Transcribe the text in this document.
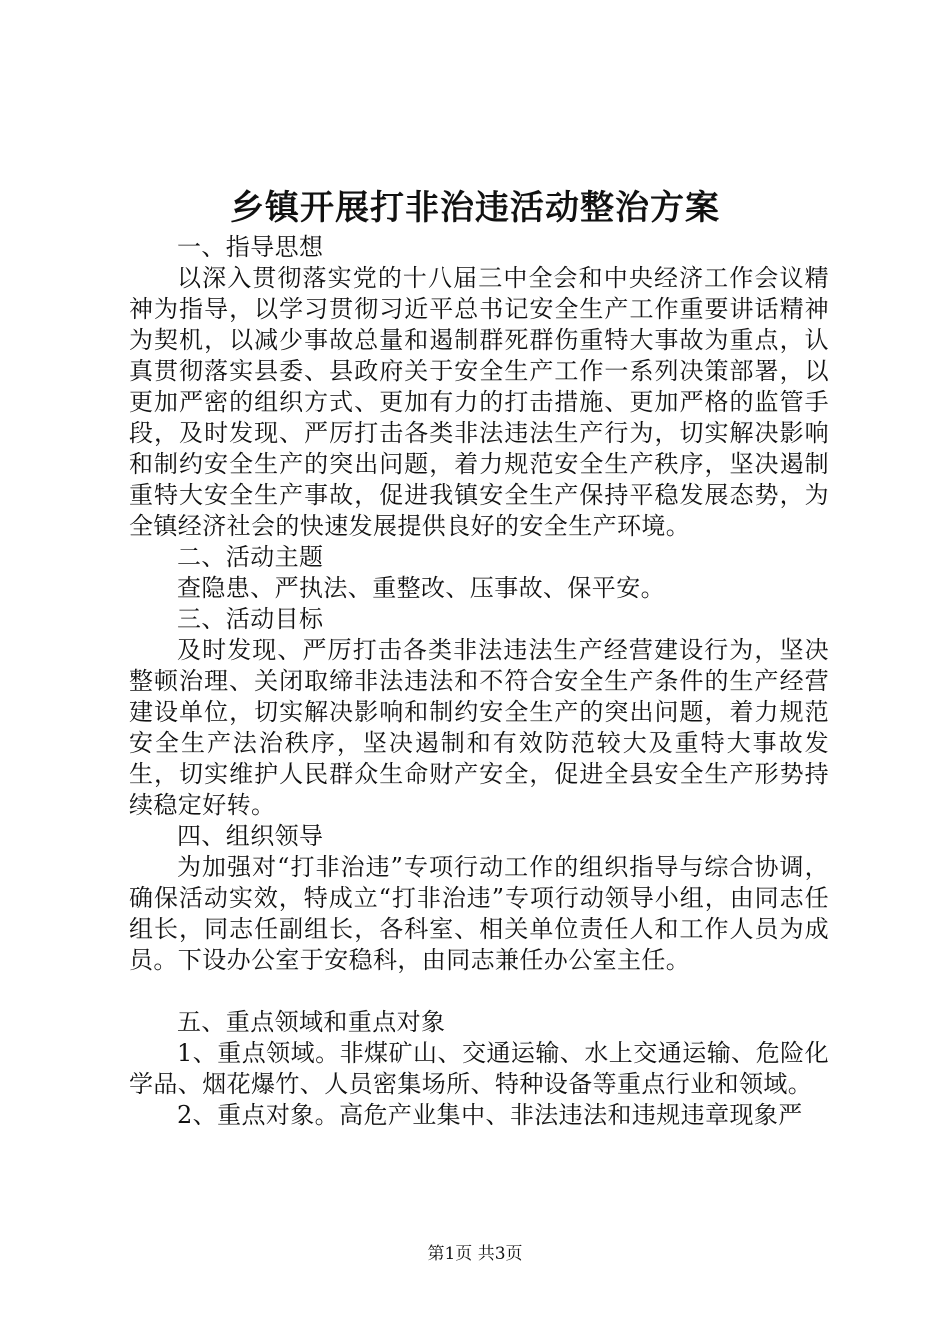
乡镇开展打非治违活动整治方案

一、指导思想

以深入贯彻落实党的十八届三中全会和中央经济工作会议精神为指导，以学习贯彻习近平总书记安全生产工作重要讲话精神为契机，以减少事故总量和遏制群死群伤重特大事故为重点，认真贯彻落实县委、县政府关于安全生产工作一系列决策部署，以更加严密的组织方式、更加有力的打击措施、更加严格的监管手段，及时发现、严厉打击各类非法违法生产行为，切实解决影响和制约安全生产的突出问题，着力规范安全生产秩序，坚决遏制重特大安全生产事故，促进我镇安全生产保持平稳发展态势，为全镇经济社会的快速发展提供良好的安全生产环境。

二、活动主题

查隐患、严执法、重整改、压事故、保平安。

三、活动目标

及时发现、严厉打击各类非法违法生产经营建设行为，坚决整顿治理、关闭取缔非法违法和不符合安全生产条件的生产经营建设单位，切实解决影响和制约安全生产的突出问题，着力规范安全生产法治秩序，坚决遏制和有效防范较大及重特大事故发生，切实维护人民群众生命财产安全，促进全县安全生产形势持续稳定好转。

四、组织领导

为加强对“打非治违”专项行动工作的组织指导与综合协调，确保活动实效，特成立“打非治违”专项行动领导小组，由同志任组长，同志任副组长，各科室、相关单位责任人和工作人员为成员。下设办公室于安稳科，由同志兼任办公室主任。

五、重点领域和重点对象

1、重点领域。非煤矿山、交通运输、水上交通运输、危险化学品、烟花爆竹、人员密集场所、特种设备等重点行业和领域。

2、重点对象。高危产业集中、非法违法和违规违章现象严

第1页 共3页
